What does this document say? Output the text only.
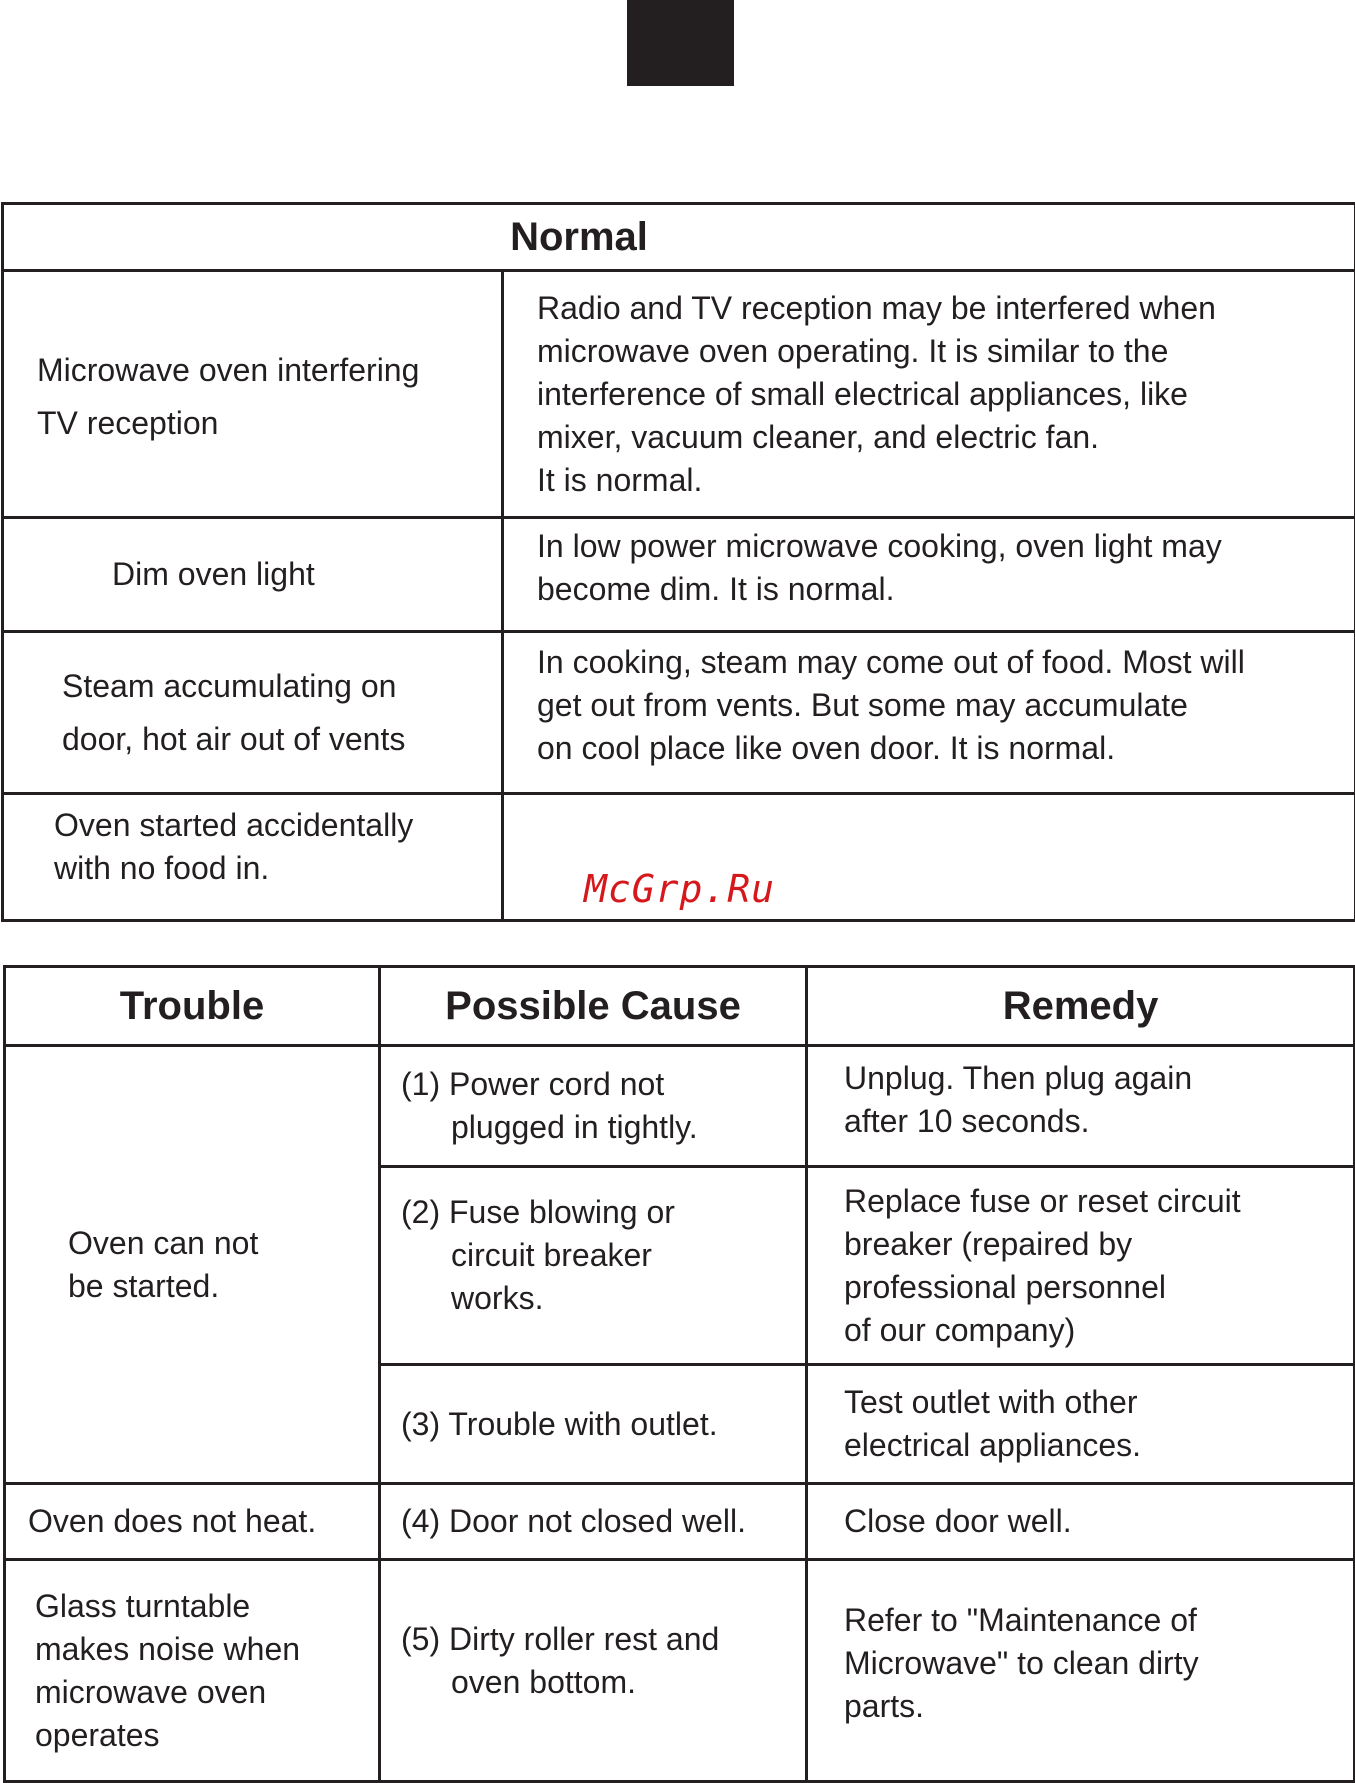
Normal	

Microwave oven interfering
TV reception	Radio and TV reception may be interfered when
microwave oven operating. It is similar to the
interference of small electrical appliances, like
mixer, vacuum cleaner, and electric fan.
It is normal.

Dim oven light	In low power microwave cooking, oven light may
become dim. It is normal.

Steam accumulating on
door, hot air out of vents	In cooking, steam may come out of food. Most will
get out from vents. But some may accumulate
on cool place like oven door. It is normal.

Oven started accidentally
with no food in.	
		McGrp.Ru
Trouble	Possible Cause	Remedy

Oven can not
be started.	(1) Power cord not
plugged in tightly.	Unplug. Then plug again
after 10 seconds.

	(2) Fuse blowing or
circuit breaker
works.	Replace fuse or reset circuit
breaker (repaired by
professional personnel
of our company)

	(3) Trouble with outlet.	Test outlet with other
electrical appliances.

Oven does not heat.	(4) Door not closed well.	Close door well.

Glass turntable
makes noise when
microwave oven
operates	(5) Dirty roller rest and
oven bottom.	Refer to "Maintenance of
Microwave" to clean dirty
parts.
